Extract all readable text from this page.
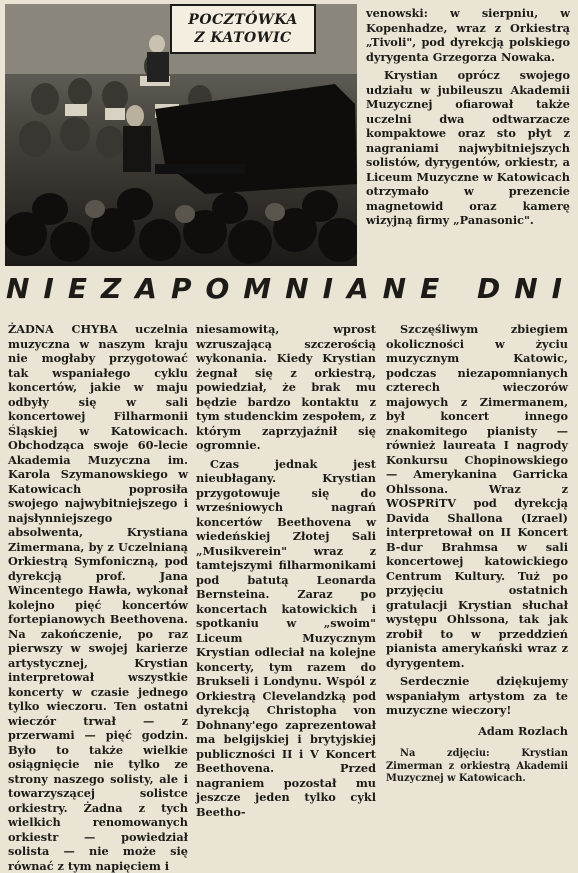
POCZTÓWKA
Z KATOWIC

venowski: w sierpniu, w Kopenhadze, wraz z Orkiestrą „Tivoli", pod dyrekcją polskiego dyrygenta Grzegorza Nowaka.

Krystian oprócz swojego udziału w jubileuszu Akademii Muzycznej ofiarował także uczelni dwa odtwarzacze kompaktowe oraz sto płyt z nagraniami najwybitniejszych solistów, dyrygentów, orkiestr, a Liceum Muzyczne w Katowicach otrzymało w prezencie magnetowid oraz kamerę wizyjną firmy „Panasonic".

NIEZAPOMNIANE DNI

ŻADNA CHYBA uczelnia muzyczna w naszym kraju nie mogłaby przygotować tak wspaniałego cyklu koncertów, jakie w maju odbyły się w sali koncertowej Filharmonii Śląskiej w Katowicach. Obchodząca swoje 60-lecie Akademia Muzyczna im. Karola Szymanowskiego w Katowicach poprosiła swojego najwybitniejszego i najsłynniejszego absolwenta, Krystiana Zimermana, by z Uczelnianą Orkiestrą Symfoniczną, pod dyrekcją prof. Jana Wincentego Hawła, wykonał kolejno pięć koncertów fortepianowych Beethovena. Na zakończenie, po raz pierwszy w swojej karierze artystycznej, Krystian interpretował wszystkie koncerty w czasie jednego tylko wieczoru. Ten ostatni wieczór trwał — z przerwami — pięć godzin. Było to także wielkie osiągnięcie nie tylko ze strony naszego solisty, ale i towarzyszącej solistce orkiestry. Żadna z tych wielkich renomowanych orkiestr — powiedział solista — nie może się równać z tym napięciem i

niesamowitą, wprost wzruszającą szczerością wykonania. Kiedy Krystian żegnał się z orkiestrą, powiedział, że brak mu będzie bardzo kontaktu z tym studenckim zespołem, z którym zaprzyjaźnił się ogromnie.

Czas jednak jest nieubłagany. Krystian przygotowuje się do wrześniowych nagrań koncertów Beethovena w wiedeńskiej Złotej Sali „Musikverein" wraz z tamtejszymi filharmonikami pod batutą Leonarda Bernsteina. Zaraz po koncertach katowickich i spotkaniu w „swoim" Liceum Muzycznym Krystian odleciał na kolejne koncerty, tym razem do Brukseli i Londynu. Wspól z Orkiestrą Clevelandzką pod dyrekcją Christopha von Dohnany'ego zaprezentował ma belgijskiej i brytyjskiej publiczności II i V Koncert Beethovena. Przed nagraniem pozostał mu jeszcze jeden tylko cykl Beetho-

Szczęśliwym zbiegiem okoliczności w życiu muzycznym Katowic, podczas niezapomnianych czterech wieczorów majowych z Zimermanem, był koncert innego znakomitego pianisty — również laureata I nagrody Konkursu Chopinowskiego — Amerykanina Garricka Ohlssona. Wraz z WOSPRiTV pod dyrekcją Davida Shallona (Izrael) interpretował on II Koncert B-dur Brahmsa w sali koncertowej katowickiego Centrum Kultury. Tuż po przyjęciu ostatnich gratulacji Krystian słuchał występu Ohlssona, tak jak zrobił to w przeddzień pianista amerykański wraz z dyrygentem.

Serdecznie dziękujemy wspaniałym artystom za te muzyczne wieczory!

Adam Rozlach

Na zdjęciu: Krystian Zimerman z orkiestrą Akademii Muzycznej w Katowicach.
